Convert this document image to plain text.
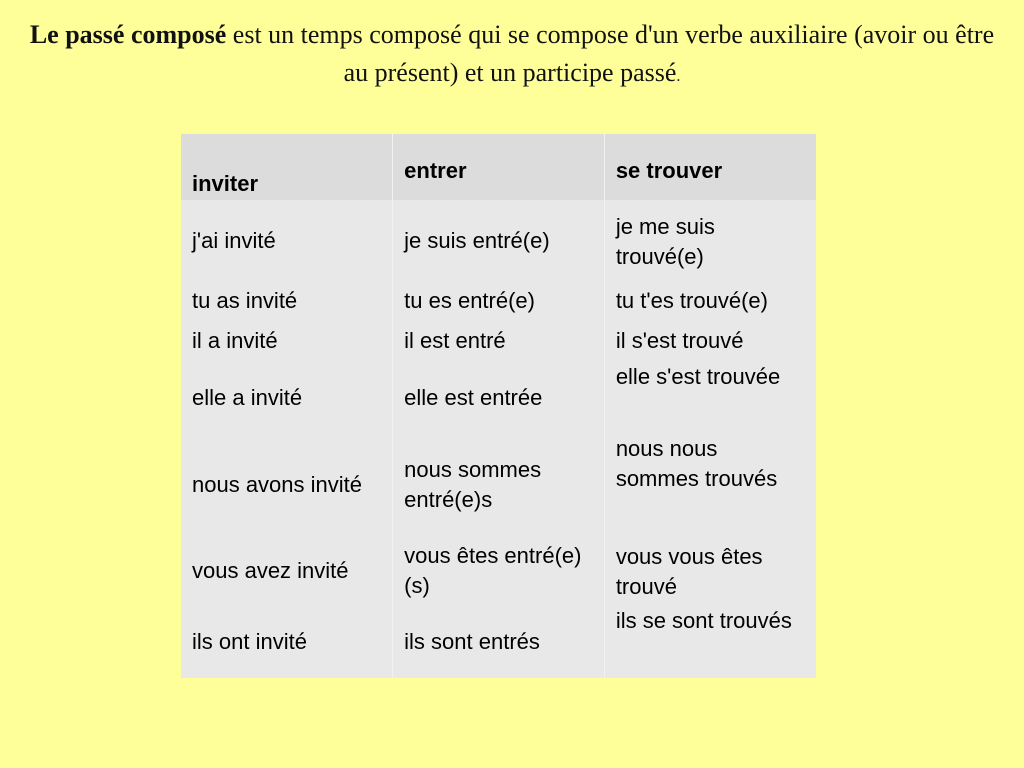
Le passé composé est un temps composé qui se compose d'un verbe auxiliaire (avoir ou être au présent) et un participe passé.
inviter	entrer	se trouver
j'ai invité	je suis entré(e)	je me suis trouvé(e)
tu as invité	tu es entré(e)	tu t'es trouvé(e)
il a invité	il est entré	il s'est trouvé
elle a invité	elle est entrée	elle s'est trouvée
nous avons invité	nous sommes entré(e)s	nous nous sommes trouvés
vous avez invité	vous êtes entré(e)(s)	vous vous êtes trouvé
ils ont invité	ils sont entrés	ils se sont trouvés
